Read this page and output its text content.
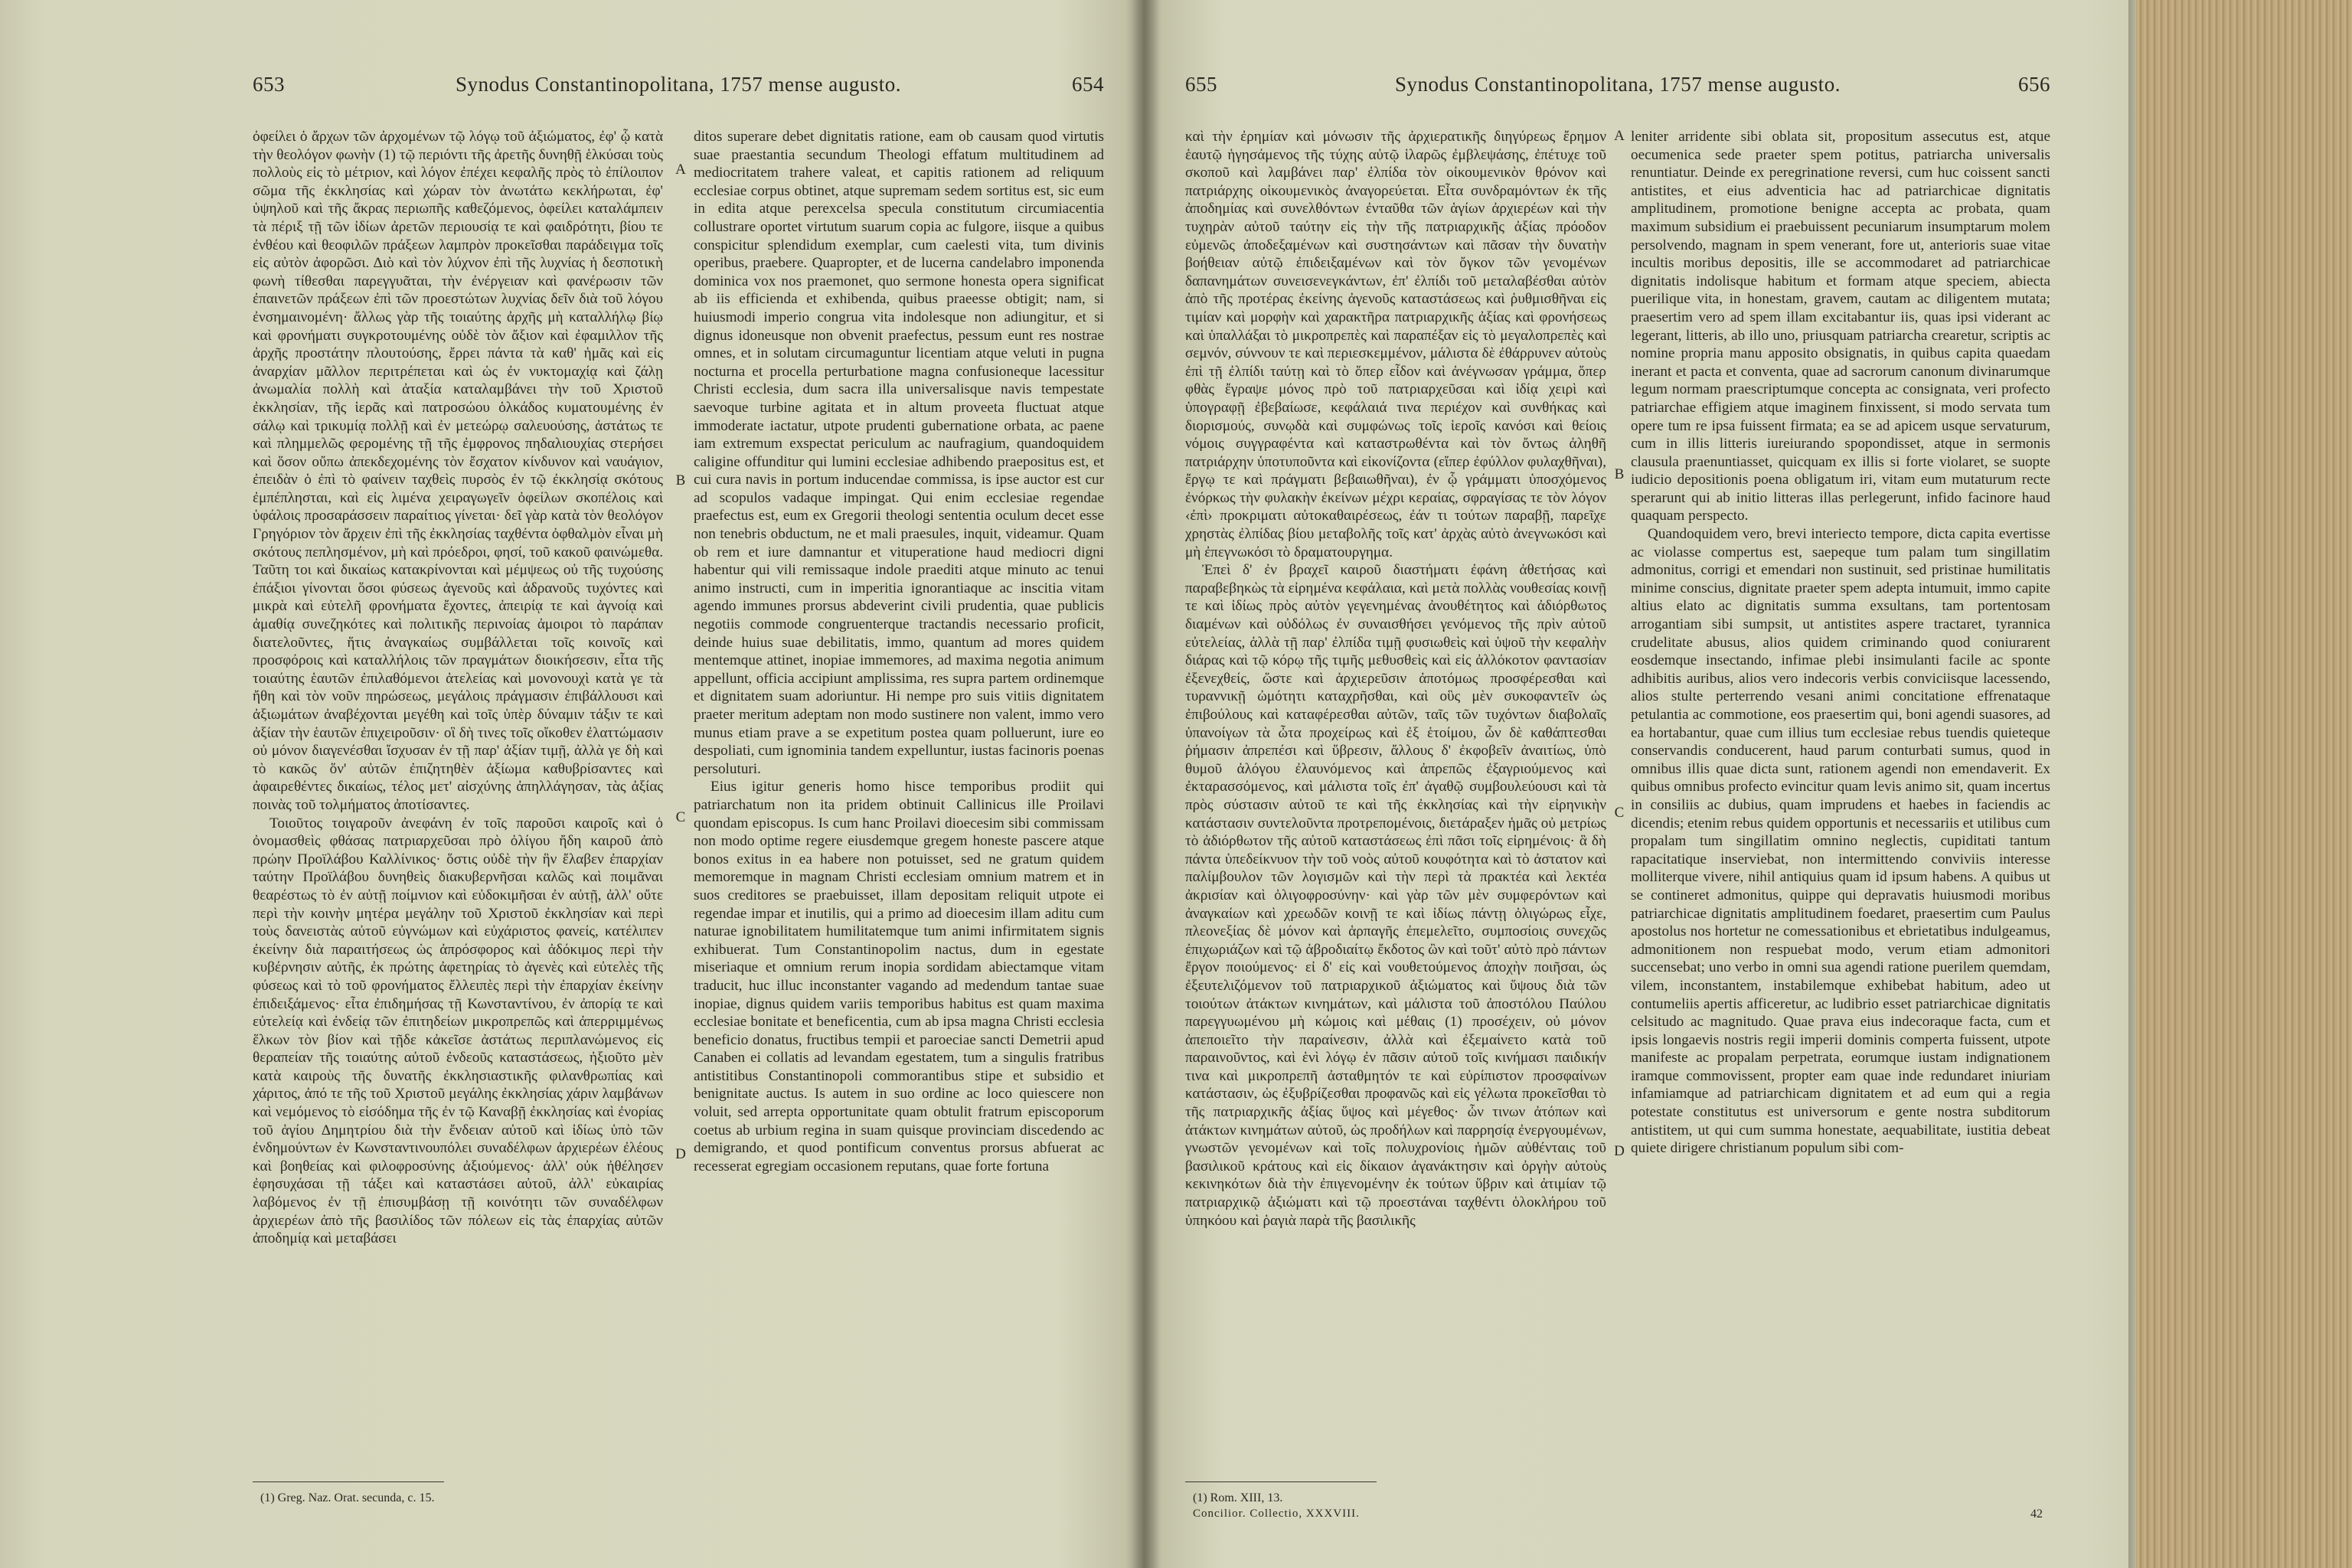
653	Synodus Constantinopolitana, 1757 mense augusto.	654

ὀφείλει ὁ ἄρχων τῶν ἀρχομένων τῷ λόγῳ τοῦ ἀξιώματος, ἐφ' ᾧ κατὰ τὴν θεολόγον φωνὴν (1) τῷ περιόντι τῆς ἀρετῆς δυνηθῇ ἑλκύσαι τοὺς πολλοὺς εἰς τὸ μέτριον, καὶ λόγον ἐπέχει κεφαλῆς πρὸς τὸ ἐπίλοιπον σῶμα τῆς ἐκκλησίας καὶ χώραν τὸν ἀνωτάτω κεκλήρωται, ἐφ' ὑψηλοῦ καὶ τῆς ἄκρας περιωπῆς καθεζόμενος, ὀφείλει καταλάμπειν τὰ πέριξ τῇ τῶν ἰδίων ἀρετῶν περιουσίᾳ τε καὶ φαιδρότητι, βίου τε ἐνθέου καὶ θεοφιλῶν πράξεων λαμπρὸν προκεῖσθαι παράδειγμα τοῖς εἰς αὐτὸν ἀφορῶσι. Διὸ καὶ τὸν λύχνον ἐπὶ τῆς λυχνίας ἡ δεσποτικὴ φωνὴ τίθεσθαι παρεγγυᾶται, τὴν ἐνέργειαν καὶ φανέρωσιν τῶν ἐπαινετῶν πράξεων ἐπὶ τῶν προεστώτων λυχνίας δεῖν διὰ τοῦ λόγου ἐνσημαινομένη· ἄλλως γὰρ τῆς τοιαύτης ἀρχῆς μὴ καταλλήλῳ βίῳ καὶ φρονήματι συγκροτουμένης οὐδὲ τὸν ἄξιον καὶ ἐφαμιλλον τῆς ἀρχῆς προστάτην πλουτούσης, ἔρρει πάντα τὰ καθ' ἡμᾶς καὶ εἰς ἀναρχίαν μᾶλλον περιτρέπεται καὶ ὡς ἐν νυκτομαχίᾳ καὶ ζάλῃ ἀνωμαλία πολλὴ καὶ ἀταξία καταλαμβάνει τὴν τοῦ Χριστοῦ ἐκκλησίαν, τῆς ἱερᾶς καὶ πατροσώου ὁλκάδος κυματουμένης ἐν σάλῳ καὶ τρικυμίᾳ πολλῇ καὶ ἐν μετεώρῳ σαλευούσης, ἀστάτως τε καὶ πλημμελῶς φερομένης τῇ τῆς ἐμφρονος πηδαλιουχίας στερήσει καὶ ὅσον οὔπω ἀπεκδεχομένης τὸν ἔσχατον κίνδυνον καὶ ναυάγιον, ἐπειδὰν ὁ ἐπὶ τὸ φαίνειν ταχθεὶς πυρσὸς ἐν τῷ ἐκκλησίᾳ σκότους ἐμπέπλησται, καὶ εἰς λιμένα χειραγωγεῖν ὀφείλων σκοπέλοις καὶ ὑφάλοις προσαράσσειν παραίτιος γίνεται· δεῖ γὰρ κατὰ τὸν θεολόγον Γρηγόριον τὸν ἄρχειν ἐπὶ τῆς ἐκκλησίας ταχθέντα ὀφθαλμὸν εἶναι μὴ σκότους πεπλησμένον, μὴ καὶ πρόεδροι, φησί, τοῦ κακοῦ φαινώμεθα. Ταῦτη τοι καὶ δικαίως κατακρίνονται καὶ μέμψεως οὐ τῆς τυχούσης ἐπάξιοι γίνονται ὅσοι φύσεως ἀγενοῦς καὶ ἀδρανοῦς τυχόντες καὶ μικρὰ καὶ εὐτελῆ φρονήματα ἔχοντες, ἀπειρίᾳ τε καὶ ἀγνοίᾳ καὶ ἀμαθίᾳ συνεζηκότες καὶ πολιτικῆς περινοίας ἀμοιροι τὸ παράπαν διατελοῦντες, ἥτις ἀναγκαίως συμβάλλεται τοῖς κοινοῖς καὶ προσφόροις καὶ καταλλήλοις τῶν πραγμάτων διοικήσεσιν, εἶτα τῆς τοιαύτης ἑαυτῶν ἐπιλαθόμενοι ἀτελείας καὶ μονονουχὶ κατὰ γε τὰ ἤθη καὶ τὸν νοῦν πηρώσεως, μεγάλοις πράγμασιν ἐπιβάλλουσι καὶ ἀξιωμάτων ἀναβέχονται μεγέθη καὶ τοῖς ὑπὲρ δύναμιν τάξιν τε καὶ ἀξίαν τὴν ἑαυτῶν ἐπιχειροῦσιν· οἳ δὴ τινες τοῖς οἴκοθεν ἐλαττώμασιν οὐ μόνον διαγενέσθαι ἴσχυσαν ἐν τῇ παρ' ἀξίαν τιμῇ, ἀλλὰ γε δὴ καὶ τὸ κακῶς ὅν' αὐτῶν ἐπιζητηθὲν ἀξίωμα καθυβρίσαντες καὶ ἀφαιρεθέντες δικαίως, τέλος μετ' αἰσχύνης ἀπηλλάγησαν, τὰς ἀξίας ποινὰς τοῦ τολμήματος ἀποτίσαντες.

Τοιοῦτος τοιγαροῦν ἀνεφάνη ἐν τοῖς παροῦσι καιροῖς καὶ ὁ ὀνομασθεὶς φθάσας πατριαρχεῦσαι πρὸ ὀλίγου ἤδη καιροῦ ἀπὸ πρώην Προϊλάβου Καλλίνικος· ὅστις οὐδὲ τὴν ἣν ἔλαβεν ἐπαρχίαν ταύτην Προϊλάβου δυνηθεὶς διακυβερνῆσαι καλῶς καὶ ποιμᾶναι θεαρέστως τὸ ἐν αὐτῇ ποίμνιον καὶ εὐδοκιμῆσαι ἐν αὐτῇ, ἀλλ' οὔτε περὶ τὴν κοινὴν μητέρα μεγάλην τοῦ Χριστοῦ ἐκκλησίαν καὶ περὶ τοὺς δανειστὰς αὐτοῦ εὐγνώμων καὶ εὐχάριστος φανείς, κατέλιπεν ἐκείνην διὰ παραιτήσεως ὡς ἀπρόσφορος καὶ ἀδόκιμος περὶ τὴν κυβέρνησιν αὐτῆς, ἐκ πρώτης ἀφετηρίας τὸ ἀγενὲς καὶ εὐτελὲς τῆς φύσεως καὶ τὸ τοῦ φρονήματος ἔλλειπὲς περὶ τὴν ἐπαρχίαν ἐκείνην ἐπιδειξάμενος· εἶτα ἐπιδημήσας τῇ Κωνσταντίνου, ἐν ἀπορίᾳ τε καὶ εὐτελείᾳ καὶ ἐνδείᾳ τῶν ἐπιτηδείων μικροπρεπῶς καὶ ἀπερριμμένως ἕλκων τὸν βίον καὶ τῇδε κἀκεῖσε ἀστάτως περιπλανώμενος εἰς θεραπείαν τῆς τοιαύτης αὐτοῦ ἐνδεοῦς καταστάσεως, ἠξιοῦτο μὲν κατὰ καιροὺς τῆς δυνατῆς ἐκκλησιαστικῆς φιλανθρωπίας καὶ χάριτος, ἀπό τε τῆς τοῦ Χριστοῦ μεγάλης ἐκκλησίας χάριν λαμβάνων καὶ νεμόμενος τὸ εἰσόδημα τῆς ἐν τῷ Καναβῇ ἐκκλησίας καὶ ἐνορίας τοῦ ἁγίου Δημητρίου διὰ τὴν ἔνδειαν αὐτοῦ καὶ ἰδίως ὑπὸ τῶν ἐνδημούντων ἐν Κωνσταντινουπόλει συναδέλφων ἀρχιερέων ἐλέους καὶ βοηθείας καὶ φιλοφροσύνης ἀξιούμενος· ἀλλ' οὐκ ἠθέλησεν ἐφησυχάσαι τῇ τάξει καὶ καταστάσει αὐτοῦ, ἀλλ' εὐκαιρίας λαβόμενος ἐν τῇ ἐπισυμβάσῃ τῇ κοινότητι τῶν συναδέλφων ἀρχιερέων ἀπὸ τῆς βασιλίδος τῶν πόλεων εἰς τὰς ἐπαρχίας αὐτῶν ἀποδημίᾳ καὶ μεταβάσει

A
B
C
D

ditos superare debet dignitatis ratione, eam ob causam quod virtutis suae praestantia secundum Theologi effatum multitudinem ad mediocritatem trahere valeat, et capitis rationem ad reliquum ecclesiae corpus obtinet, atque supremam sedem sortitus est, sic eum in edita atque perexcelsa specula constitutum circumiacentia collustrare oportet virtutum suarum copia ac fulgore, iisque a quibus conspicitur splendidum exemplar, cum caelesti vita, tum divinis operibus, praebere. Quapropter, et de lucerna candelabro imponenda dominica vox nos praemonet, quo sermone honesta opera significat ab iis efficienda et exhibenda, quibus praeesse obtigit; nam, si huiusmodi imperio congrua vita indolesque non adiungitur, et si dignus idoneusque non obvenit praefectus, pessum eunt res nostrae omnes, et in solutam circumaguntur licentiam atque veluti in pugna nocturna et procella perturbatione magna confusioneque lacessitur Christi ecclesia, dum sacra illa universalisque navis tempestate saevoque turbine agitata et in altum proveeta fluctuat atque immoderate iactatur, utpote prudenti gubernatione orbata, ac paene iam extremum exspectat periculum ac naufragium, quandoquidem caligine offunditur qui lumini ecclesiae adhibendo praepositus est, et cui cura navis in portum inducendae commissa, is ipse auctor est cur ad scopulos vadaque impingat. Qui enim ecclesiae regendae praefectus est, eum ex Gregorii theologi sententia oculum decet esse non tenebris obductum, ne et mali praesules, inquit, videamur. Quam ob rem et iure damnantur et vituperatione haud mediocri digni habentur qui vili remissaque indole praediti atque minuto ac tenui animo instructi, cum in imperitia ignorantiaque ac inscitia vitam agendo immunes prorsus abdeverint civili prudentia, quae publicis negotiis commode congruenterque tractandis necessario proficit, deinde huius suae debilitatis, immo, quantum ad mores quidem mentemque attinet, inopiae immemores, ad maxima negotia animum appellunt, officia accipiunt amplissima, res supra partem ordinemque et dignitatem suam adoriuntur. Hi nempe pro suis vitiis dignitatem praeter meritum adeptam non modo sustinere non valent, immo vero munus etiam prave a se expetitum postea quam polluerunt, iure eo despoliati, cum ignominia tandem expelluntur, iustas facinoris poenas persoluturi.

Eius igitur generis homo hisce temporibus prodiit qui patriarchatum non ita pridem obtinuit Callinicus ille Proilavi quondam episcopus. Is cum hanc Proilavi dioecesim sibi commissam non modo optime regere eiusdemque gregem honeste pascere atque bonos exitus in ea habere non potuisset, sed ne gratum quidem memoremque in magnam Christi ecclesiam omnium matrem et in suos creditores se praebuisset, illam depositam reliquit utpote ei regendae impar et inutilis, qui a primo ad dioecesim illam aditu cum naturae ignobilitatem humilitatemque tum animi infirmitatem signis exhibuerat. Tum Constantinopolim nactus, dum in egestate miseriaque et omnium rerum inopia sordidam abiectamque vitam traducit, huc illuc inconstanter vagando ad medendum tantae suae inopiae, dignus quidem variis temporibus habitus est quam maxima ecclesiae bonitate et beneficentia, cum ab ipsa magna Christi ecclesia beneficio donatus, fructibus tempii et paroeciae sancti Demetrii apud Canaben ei collatis ad levandam egestatem, tum a singulis fratribus antistitibus Constantinopoli commorantibus stipe et subsidio et benignitate auctus. Is autem in suo ordine ac loco quiescere non voluit, sed arrepta opportunitate quam obtulit fratrum episcoporum coetus ab urbium regina in suam quisque provinciam discedendo ac demigrando, et quod pontificum conventus prorsus abfuerat ac recesserat egregiam occasionem reputans, quae forte fortuna

(1) Greg. Naz. Orat. secunda, c. 15.
655	Synodus Constantinopolitana, 1757 mense augusto.	656

καὶ τὴν ἐρημίαν καὶ μόνωσιν τῆς ἀρχιερατικῆς διηγύρεως ἔρημον ἑαυτῷ ἡγησάμενος τῆς τύχης αὐτῷ ἱλαρῶς ἐμβλεψάσης, ἐπέτυχε τοῦ σκοποῦ καὶ λαμβάνει παρ' ἐλπίδα τὸν οἰκουμενικὸν θρόνον καὶ πατριάρχης οἰκουμενικὸς ἀναγορεύεται. Εἶτα συνδραμόντων ἐκ τῆς ἀποδημίας καὶ συνελθόντων ἐνταῦθα τῶν ἁγίων ἀρχιερέων καὶ τὴν τυχηρὰν αὐτοῦ ταύτην εἰς τὴν τῆς πατριαρχικῆς ἀξίας πρόοδον εὐμενῶς ἀποδεξαμένων καὶ συστησάντων καὶ πᾶσαν τὴν δυνατὴν βοήθειαν αὐτῷ ἐπιδειξαμένων καὶ τὸν ὄγκον τῶν γενομένων δαπανημάτων συνεισενεγκάντων, ἐπ' ἐλπίδι τοῦ μεταλαβέσθαι αὐτὸν ἀπὸ τῆς προτέρας ἐκείνης ἀγενοῦς καταστάσεως καὶ ῥυθμισθῆναι εἰς τιμίαν καὶ μορφὴν καὶ χαρακτῆρα πατριαρχικῆς ἀξίας καὶ φρονήσεως καὶ ὑπαλλάξαι τὸ μικροπρεπὲς καὶ παραπέξαν εἰς τὸ μεγαλοπρεπὲς καὶ σεμνόν, σύννουν τε καὶ περιεσκεμμένον, μάλιστα δὲ ἐθάρρυνεν αὐτοὺς ἐπὶ τῇ ἐλπίδι ταύτῃ καὶ τὸ ὅπερ εἶδον καὶ ἀνέγνωσαν γράμμα, ὅπερ φθὰς ἔγραψε μόνος πρὸ τοῦ πατριαρχεῦσαι καὶ ἰδίᾳ χειρὶ καὶ ὑπογραφῇ ἐβεβαίωσε, κεφάλαιά τινα περιέχον καὶ συνθήκας καὶ διορισμούς, συνῳδὰ καὶ συμφώνως τοῖς ἱεροῖς κανόσι καὶ θείοις νόμοις συγγραφέντα καὶ καταστρωθέντα καὶ τὸν ὄντως ἀληθῆ πατριάρχην ὑποτυποῦντα καὶ εἰκονίζοντα (εἴπερ ἐφύλλον φυλαχθῆναι), ἔργῳ τε καὶ πράγματι βεβαιωθῆναι), ἐν ᾧ γράμματι ὑποσχόμενος ἐνόρκως τὴν φυλακὴν ἐκείνων μέχρι κεραίας, σφραγίσας τε τὸν λόγον ‹ἐπὶ› προκριματι αὐτοκαθαιρέσεως, ἐάν τι τούτων παραβῇ, παρεῖχε χρηστὰς ἐλπίδας βίου μεταβολῆς τοῖς κατ' ἀρχὰς αὐτὸ ἀνεγνωκόσι καὶ μὴ ἐπεγνωκόσι τὸ δραματουργημα.

Ἐπεὶ δ' ἐν βραχεῖ καιροῦ διαστήματι ἐφάνη ἀθετήσας καὶ παραβεβηκὼς τὰ εἰρημένα κεφάλαια, καὶ μετὰ πολλὰς νουθεσίας κοινῇ τε καὶ ἰδίως πρὸς αὐτὸν γεγενημένας ἀνουθέτητος καὶ ἀδιόρθωτος διαμένων καὶ οὐδόλως ἐν συναισθήσει γενόμενος τῆς πρὶν αὐτοῦ εὐτελείας, ἀλλὰ τῇ παρ' ἐλπίδα τιμῇ φυσιωθεὶς καὶ ὑψοῦ τὴν κεφαλὴν διάρας καὶ τῷ κόρῳ τῆς τιμῆς μεθυσθεὶς καὶ εἰς ἀλλόκοτον φαντασίαν ἐξενεχθείς, ὥστε καὶ ἀρχιερεῦσιν ἀποτόμως προσφέρεσθαι καὶ τυραννικῇ ὠμότητι καταχρῆσθαι, καὶ οὓς μὲν συκοφαντεῖν ὡς ἐπιβούλους καὶ καταφέρεσθαι αὐτῶν, ταῖς τῶν τυχόντων διαβολαῖς ὑπανοίγων τὰ ὦτα προχείρως καὶ ἐξ ἑτοίμου, ὧν δὲ καθάπτεσθαι ῥήμασιν ἀπρεπέσι καὶ ὕβρεσιν, ἄλλους δ' ἐκφοβεῖν ἀναιτίως, ὑπὸ θυμοῦ ἀλόγου ἐλαυνόμενος καὶ ἀπρεπῶς ἐξαγριούμενος καὶ ἐκταρασσόμενος, καὶ μάλιστα τοῖς ἐπ' ἀγαθῷ συμβουλεύουσι καὶ τὰ πρὸς σύστασιν αὐτοῦ τε καὶ τῆς ἐκκλησίας καὶ τὴν εἰρηνικὴν κατάστασιν συντελοῦντα προτρεπομένοις, διετάραξεν ἡμᾶς οὐ μετρίως τὸ ἀδιόρθωτον τῆς αὐτοῦ καταστάσεως ἐπὶ πᾶσι τοῖς εἰρημένοις· ἃ δὴ πάντα ὑπεδείκνυον τὴν τοῦ νοὸς αὐτοῦ κουφότητα καὶ τὸ ἀστατον καὶ παλίμβουλον τῶν λογισμῶν καὶ τὴν περὶ τὰ πρακτέα καὶ λεκτέα ἀκρισίαν καὶ ὀλιγοφροσύνην· καὶ γὰρ τῶν μὲν συμφερόντων καὶ ἀναγκαίων καὶ χρεωδῶν κοινῇ τε καὶ ἰδίως πάντῃ ὀλιγώρως εἶχε, πλεονεξίας δὲ μόνον καὶ ἁρπαγῆς ἐπεμελεῖτο, συμποσίοις συνεχῶς ἐπιχωριάζων καὶ τῷ ἀβροδιαίτῳ ἔκδοτος ὢν καὶ τοῦτ' αὐτὸ πρὸ πάντων ἔργον ποιούμενος· εἰ δ' εἰς καὶ νουθετούμενος ἀποχὴν ποιῆσαι, ὡς ἐξευτελιζόμενον τοῦ πατριαρχικοῦ ἀξιώματος καὶ ὕψους διὰ τῶν τοιούτων ἀτάκτων κινημάτων, καὶ μάλιστα τοῦ ἀποστόλου Παύλου παρεγγυωμένου μὴ κώμοις καὶ μέθαις (1) προσέχειν, οὐ μόνον ἀπεποιεῖτο τὴν παραίνεσιν, ἀλλὰ καὶ ἐξεμαίνετο κατὰ τοῦ παραινοῦντος, καὶ ἑνὶ λόγῳ ἐν πᾶσιν αὐτοῦ τοῖς κινήμασι παιδικήν τινα καὶ μικροπρεπῆ ἀσταθμητόν τε καὶ εὐρίπιστον προσφαίνων κατάστασιν, ὡς ἐξυβρίζεσθαι προφανῶς καὶ εἰς γέλωτα προκεῖσθαι τὸ τῆς πατριαρχικῆς ἀξίας ὕψος καὶ μέγεθος· ὧν τινων ἀτόπων καὶ ἀτάκτων κινημάτων αὐτοῦ, ὡς προδήλων καὶ παρρησίᾳ ἐνεργουμένων, γνωστῶν γενομένων καὶ τοῖς πολυχρονίοις ἡμῶν αὐθένταις τοῦ βασιλικοῦ κράτους καὶ εἰς δίκαιον ἀγανάκτησιν καὶ ὀργὴν αὐτοὺς κεκινηκότων διὰ τὴν ἐπιγενομένην ἐκ τούτων ὕβριν καὶ ἀτιμίαν τῷ πατριαρχικῷ ἀξιώματι καὶ τῷ προεστάναι ταχθέντι ὁλοκλήρου τοῦ ὑπηκόου καὶ ῥαγιὰ παρὰ τῆς βασιλικῆς

A
B
C
D

leniter arridente sibi oblata sit, propositum assecutus est, atque oecumenica sede praeter spem potitus, patriarcha universalis renuntiatur. Deinde ex peregrinatione reversi, cum huc coissent sancti antistites, et eius adventicia hac ad patriarchicae dignitatis amplitudinem, promotione benigne accepta ac probata, quam maximum subsidium ei praebuissent pecuniarum insumptarum molem persolvendo, magnam in spem venerant, fore ut, anterioris suae vitae incultis moribus depositis, ille se accommodaret ad patriarchicae dignitatis indolisque habitum et formam atque speciem, abiecta puerilique vita, in honestam, gravem, cautam ac diligentem mutata; praesertim vero ad spem illam excitabantur iis, quas ipsi viderant ac legerant, litteris, ab illo uno, priusquam patriarcha crearetur, scriptis ac nomine propria manu apposito obsignatis, in quibus capita quaedam inerant et pacta et conventa, quae ad sacrorum canonum divinarumque legum normam praescriptumque concepta ac consignata, veri profecto patriarchae effigiem atque imaginem finxissent, si modo servata tum opere tum re ipsa fuissent firmata; ea se ad apicem usque servaturum, cum in illis litteris iureiurando spopondisset, atque in sermonis clausula praenuntiasset, quicquam ex illis si forte violaret, se suopte iudicio depositionis poena obligatum iri, vitam eum mutaturum recte sperarunt qui ab initio litteras illas perlegerunt, infido facinore haud quaquam perspecto.

Quandoquidem vero, brevi interiecto tempore, dicta capita evertisse ac violasse compertus est, saepeque tum palam tum singillatim admonitus, corrigi et emendari non sustinuit, sed pristinae humilitatis minime conscius, dignitate praeter spem adepta intumuit, immo capite altius elato ac dignitatis summa exsultans, tam portentosam arrogantiam sibi sumpsit, ut antistites aspere tractaret, tyrannica crudelitate abusus, alios quidem criminando quod coniurarent eosdemque insectando, infimae plebi insimulanti facile ac sponte adhibitis auribus, alios vero indecoris verbis conviciisque lacessendo, alios stulte perterrendo vesani animi concitatione effrenataque petulantia ac commotione, eos praesertim qui, boni agendi suasores, ad ea hortabantur, quae cum illius tum ecclesiae rebus tuendis quieteque conservandis conducerent, haud parum conturbati sumus, quod in omnibus illis quae dicta sunt, rationem agendi non emendaverit. Ex quibus omnibus profecto evincitur quam levis animo sit, quam incertus in consiliis ac dubius, quam imprudens et haebes in faciendis ac dicendis; etenim rebus quidem opportunis et necessariis et utilibus cum propalam tum singillatim omnino neglectis, cupiditati tantum rapacitatique inserviebat, non intermittendo conviviis interesse molliterque vivere, nihil antiquius quam id ipsum habens. A quibus ut se contineret admonitus, quippe qui depravatis huiusmodi moribus patriarchicae dignitatis amplitudinem foedaret, praesertim cum Paulus apostolus nos hortetur ne comessationibus et ebrietatibus indulgeamus, admonitionem non respuebat modo, verum etiam admonitori succensebat; uno verbo in omni sua agendi ratione puerilem quemdam, vilem, inconstantem, instabilemque exhibebat habitum, adeo ut contumeliis apertis afficeretur, ac ludibrio esset patriarchicae dignitatis celsitudo ac magnitudo. Quae prava eius indecoraque facta, cum et ipsis longaevis nostris regii imperii dominis comperta fuissent, utpote manifeste ac propalam perpetrata, eorumque iustam indignationem iramque commovissent, propter eam quae inde redundaret iniuriam infamiamque ad patriarchicam dignitatem et ad eum qui a regia potestate constitutus est universorum e gente nostra subditorum antistitem, ut qui cum summa honestate, aequabilitate, iustitia debeat quiete dirigere christianum populum sibi com-

(1) Rom. XIII, 13.
Concilior. Collectio, XXXVIII.	42
